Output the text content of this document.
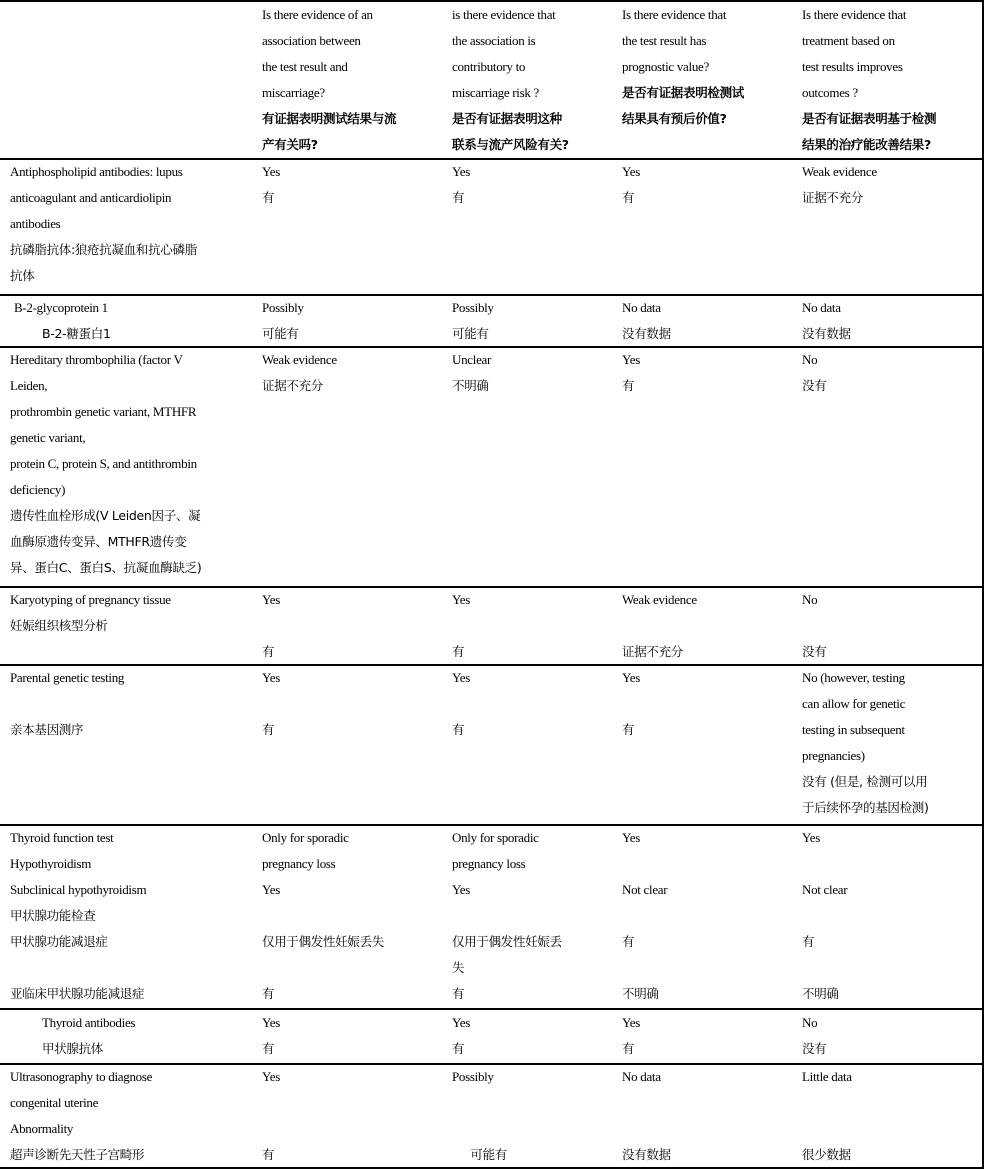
Is there evidence of an
association between
the test result and
miscarriage?
有证据表明测试结果与流
产有关吗?
is there evidence that
the association is
contributory to
miscarriage risk ?
是否有证据表明这种
联系与流产风险有关?
Is there evidence that
the test result has
prognostic value?
是否有证据表明检测试
结果具有预后价值?
Is there evidence that
treatment based on
test results improves
outcomes ?
是否有证据表明基于检测
结果的治疗能改善结果?
Antiphospholipid antibodies: lupus
anticoagulant and anticardiolipin
antibodies
抗磷脂抗体:狼疮抗凝血和抗心磷脂
抗体
Yes
有
Yes
有
Yes
有
Weak evidence
证据不充分
B-2-glycoprotein 1
B-2-糖蛋白1
Possibly
可能有
Possibly
可能有
No data
没有数据
No data
没有数据
Hereditary thrombophilia (factor V
Leiden,
prothrombin genetic variant, MTHFR
genetic variant,
protein C, protein S, and antithrombin
deficiency)
遗传性血栓形成(V Leiden因子、凝
血酶原遗传变异、MTHFR遗传变
异、蛋白C、蛋白S、抗凝血酶缺乏)
Weak evidence
证据不充分
Unclear
不明确
Yes
有
No
没有
Karyotyping of pregnancy tissue
妊娠组织核型分析
Yes

有
Yes

有
Weak evidence

证据不充分
No

没有
Parental genetic testing

亲本基因测序
Yes

有
Yes

有
Yes

有
No (however, testing
can allow for genetic
testing in subsequent
pregnancies)
没有 (但是, 检测可以用
于后续怀孕的基因检测)
Thyroid function test
Hypothyroidism
Subclinical hypothyroidism
甲状腺功能检查
甲状腺功能减退症

亚临床甲状腺功能减退症
Only for sporadic
pregnancy loss
Yes

仅用于偶发性妊娠丢失

有
Only for sporadic
pregnancy loss
Yes

仅用于偶发性妊娠丢
失
有
Yes

Not clear

有

不明确
Yes

Not clear

有

不明确
Thyroid antibodies
甲状腺抗体
Yes
有
Yes
有
Yes
有
No
没有
Ultrasonography to diagnose
congenital uterine
Abnormality
超声诊断先天性子宫畸形
Yes

有
Possibly

可能有
No data

没有数据
Little data

很少数据
